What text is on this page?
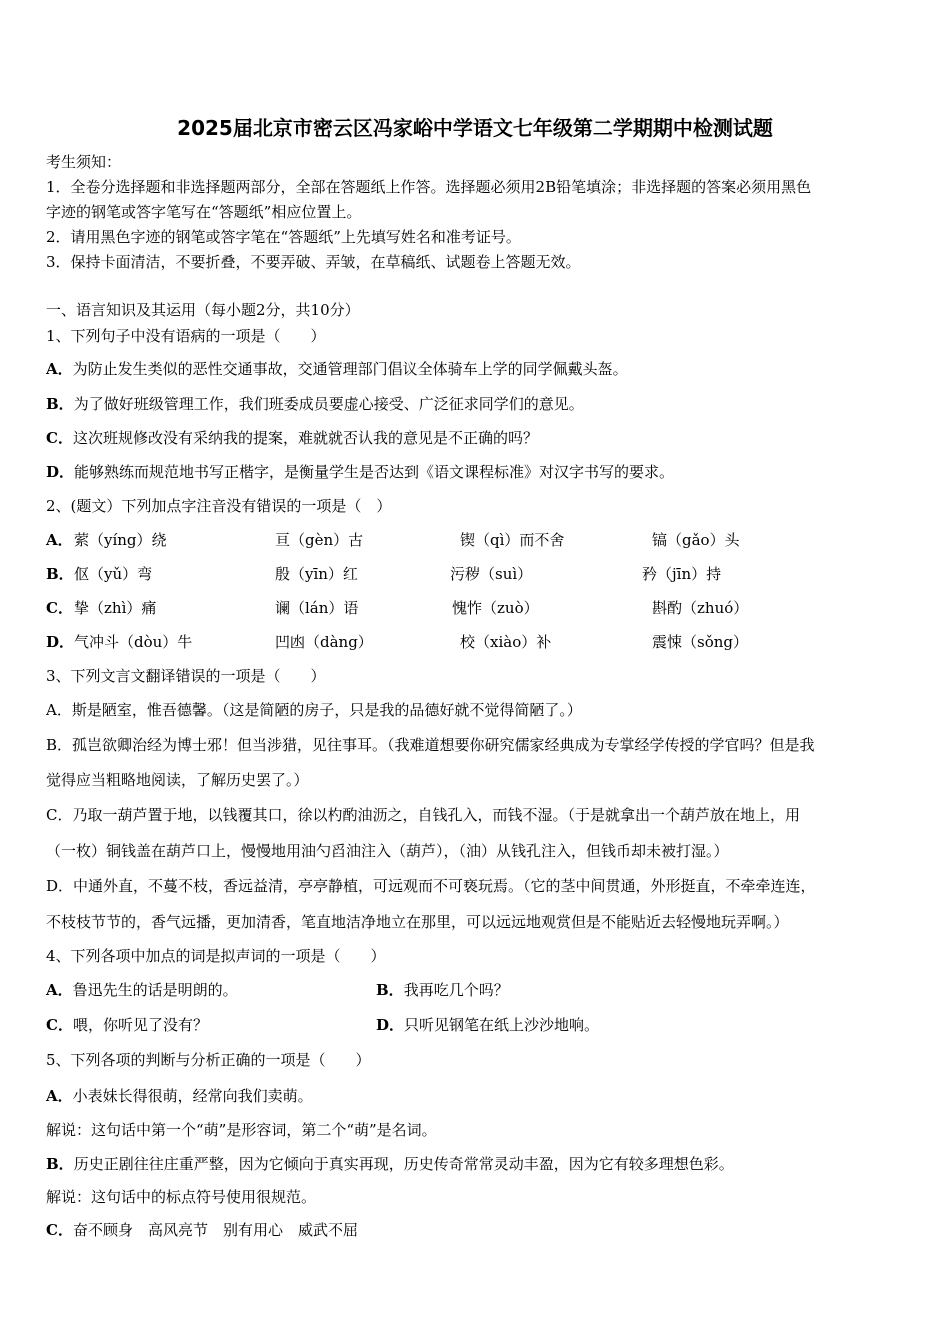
2025届北京市密云区冯家峪中学语文七年级第二学期期中检测试题
考生须知：
1．全卷分选择题和非选择题两部分，全部在答题纸上作答。选择题必须用2B铅笔填涂；非选择题的答案必须用黑色
字迹的钢笔或答字笔写在“答题纸”相应位置上。
2．请用黑色字迹的钢笔或答字笔在“答题纸”上先填写姓名和准考证号。
3．保持卡面清洁，不要折叠，不要弄破、弄皱，在草稿纸、试题卷上答题无效。
一、语言知识及其运用（每小题2分，共10分）
1、下列句子中没有语病的一项是（　　）
A．为防止发生类似的恶性交通事故，交通管理部门倡议全体骑车上学的同学佩戴头盔。
B．为了做好班级管理工作，我们班委成员要虚心接受、广泛征求同学们的意见。
C．这次班规修改没有采纳我的提案，难就就否认我的意见是不正确的吗？
D．能够熟练而规范地书写正楷字，是衡量学生是否达到《语文课程标准》对汉字书写的要求。
2、(题文）下列加点字注音没有错误的一项是（　）
A． 萦（yíng）绕	亘（gèn）古	锲（qì）而不舍	镐（gǎo）头
B． 伛（yǔ）弯	殷（yīn）红	污秽（suì）	矜（jīn）持
C． 挚（zhì）痛	谰（lán）语	愧怍（zuò）	斟酌（zhuó）
D． 气冲斗（dòu）牛	凹凼（dàng）	校（xiào）补	震悚（sǒng）
3、下列文言文翻译错误的一项是（　　）
A．斯是陋室，惟吾德馨。（这是简陋的房子，只是我的品德好就不觉得简陋了。）
B．孤岂欲卿治经为博士邪！但当涉猎，见往事耳。（我难道想要你研究儒家经典成为专掌经学传授的学官吗？但是我
觉得应当粗略地阅读，了解历史罢了。）
C．乃取一葫芦置于地，以钱覆其口，徐以杓酌油沥之，自钱孔入，而钱不湿。（于是就拿出一个葫芦放在地上，用
（一枚）铜钱盖在葫芦口上，慢慢地用油勺舀油注入（葫芦），（油）从钱孔注入，但钱币却未被打湿。）
D．中通外直，不蔓不枝，香远益清，亭亭静植，可远观而不可亵玩焉。（它的茎中间贯通，外形挺直，不牵牵连连，
不枝枝节节的，香气远播，更加清香，笔直地洁净地立在那里，可以远远地观赏但是不能贴近去轻慢地玩弄啊。）
4、下列各项中加点的词是拟声词的一项是（　　）
A．鲁迅先生的话是明朗的。	B．我再吃几个吗？
C．喂，你听见了没有？	D．只听见钢笔在纸上沙沙地响。
5、下列各项的判断与分析正确的一项是（　　）
A．小表妹长得很萌，经常向我们卖萌。
解说：这句话中第一个“萌”是形容词，第二个“萌”是名词。
B．历史正剧往往庄重严整，因为它倾向于真实再现，历史传奇常常灵动丰盈，因为它有较多理想色彩。
解说：这句话中的标点符号使用很规范。
C．奋不顾身　高风亮节　别有用心　威武不屈
